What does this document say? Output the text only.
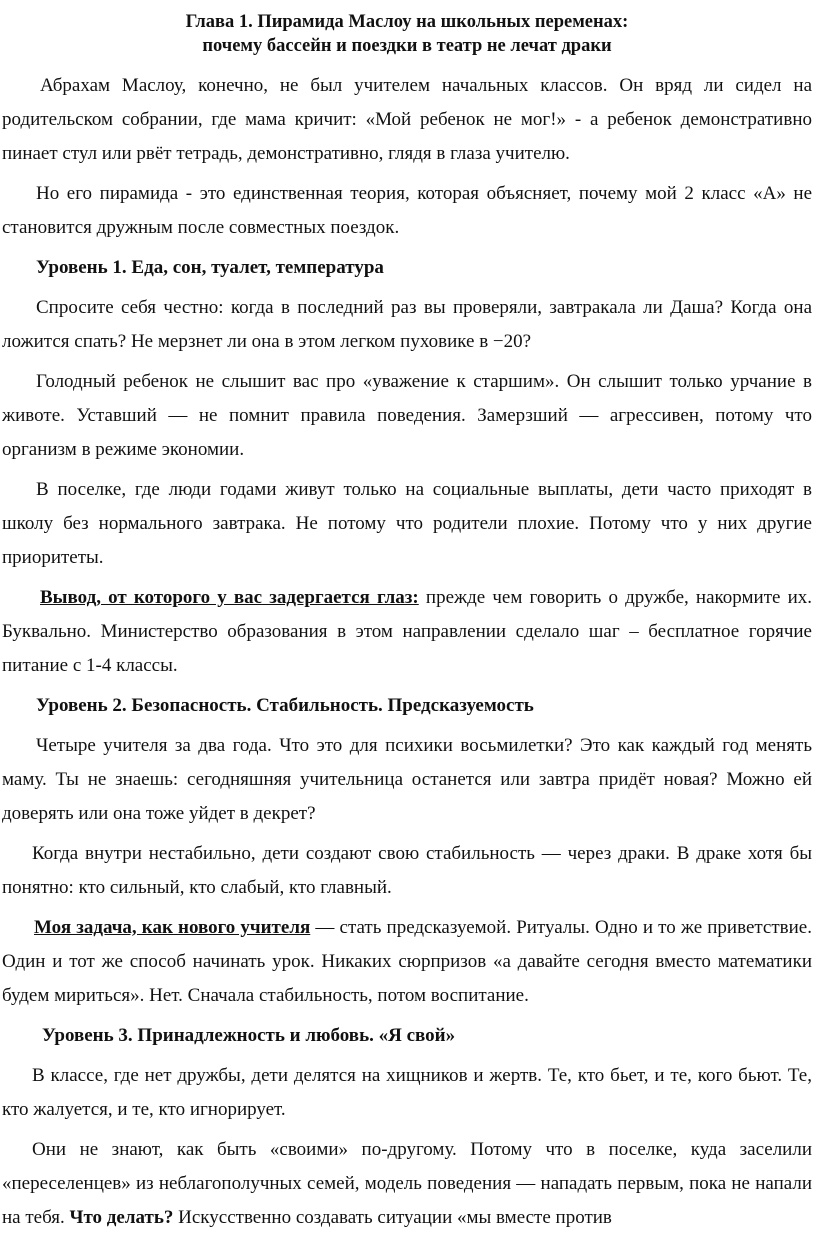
Глава 1. Пирамида Маслоу на школьных переменах:
почему бассейн и поездки в театр не лечат драки

Абрахам Маслоу, конечно, не был учителем начальных классов. Он вряд ли сидел на родительском собрании, где мама кричит: «Мой ребенок не мог!» - а ребенок демонстративно пинает стул или рвёт тетрадь, демонстративно, глядя в глаза учителю.

Но его пирамида - это единственная теория, которая объясняет, почему мой 2 класс «А» не становится дружным после совместных поездок.

Уровень 1. Еда, сон, туалет, температура

Спросите себя честно: когда в последний раз вы проверяли, завтракала ли Даша? Когда она ложится спать? Не мерзнет ли она в этом легком пуховике в −20?

Голодный ребенок не слышит вас про «уважение к старшим». Он слышит только урчание в животе. Уставший — не помнит правила поведения. Замерзший — агрессивен, потому что организм в режиме экономии.

В поселке, где люди годами живут только на социальные выплаты, дети часто приходят в школу без нормального завтрака. Не потому что родители плохие. Потому что у них другие приоритеты.

Вывод, от которого у вас задергается глаз: прежде чем говорить о дружбе, накормите их. Буквально. Министерство образования в этом направлении сделало шаг – бесплатное горячие питание с 1-4 классы.

Уровень 2. Безопасность. Стабильность. Предсказуемость

Четыре учителя за два года. Что это для психики восьмилетки? Это как каждый год менять маму. Ты не знаешь: сегодняшняя учительница останется или завтра придёт новая? Можно ей доверять или она тоже уйдет в декрет?

Когда внутри нестабильно, дети создают свою стабильность — через драки. В драке хотя бы понятно: кто сильный, кто слабый, кто главный.

Моя задача, как нового учителя — стать предсказуемой. Ритуалы. Одно и то же приветствие. Один и тот же способ начинать урок. Никаких сюрпризов «а давайте сегодня вместо математики будем мириться». Нет. Сначала стабильность, потом воспитание.

Уровень 3. Принадлежность и любовь. «Я свой»

В классе, где нет дружбы, дети делятся на хищников и жертв. Те, кто бьет, и те, кого бьют. Те, кто жалуется, и те, кто игнорирует.

Они не знают, как быть «своими» по-другому. Потому что в поселке, куда заселили «переселенцев» из неблагополучных семей, модель поведения — нападать первым, пока не напали на тебя. Что делать? Искусственно создавать ситуации «мы вместе против
